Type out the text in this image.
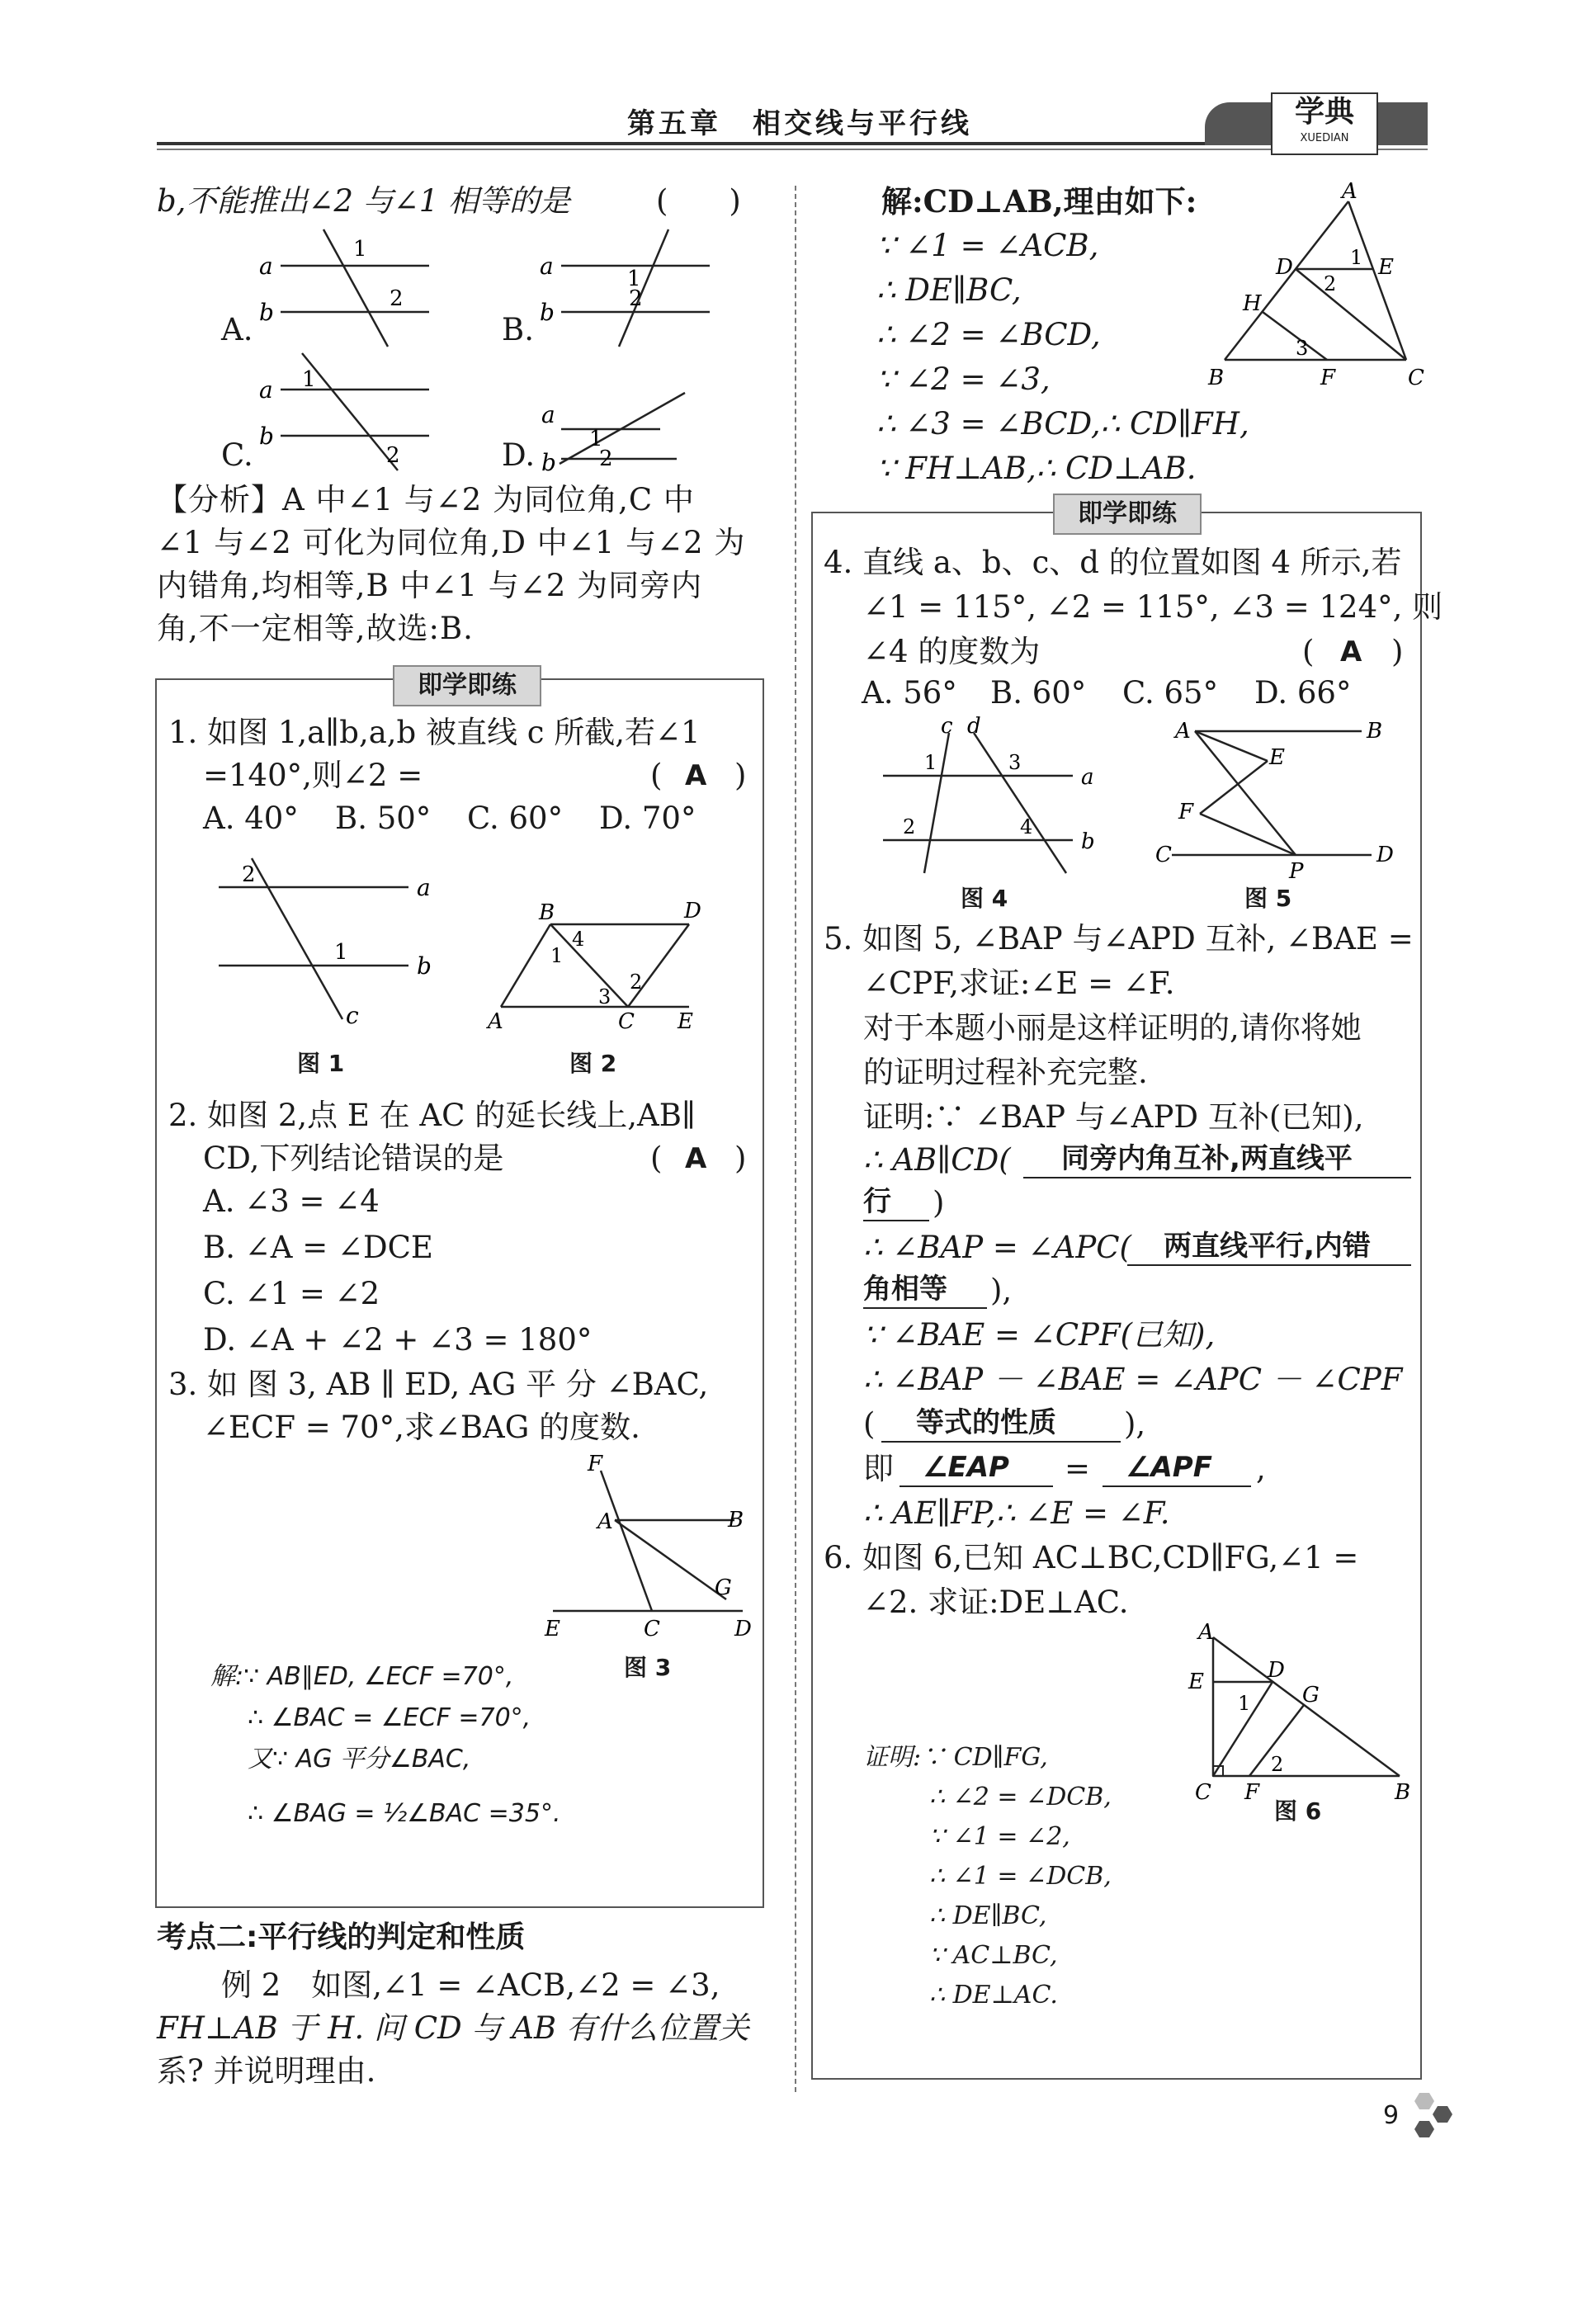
第五章　相交线与平行线	学典
XUEDIAN
b,不能推出∠2 与∠1 相等的是	(　　)
A.
a
b
1
2
B.
a
b	2
1
C.
a
b
1
2	D.
a
b
1
2
【分析】A 中∠1 与∠2 为同位角,C 中
∠1 与∠2 可化为同位角,D 中∠1 与∠2 为
内错角,均相等,B 中∠1 与∠2 为同旁内
角,不一定相等,故选:B.
即学即练
1. 如图 1,a∥b,a,b 被直线 c 所截,若∠1
=140°,则∠2 =	( A )
A. 40° B. 50° C. 60° D. 70°
a
b
c
2
1
图 1
B	D
A	C E
4
1
3
2
图 2
2. 如图 2,点 E 在 AC 的延长线上,AB∥
CD,下列结论错误的是	( A )
A. ∠3 = ∠4
B. ∠A = ∠DCE
C. ∠1 = ∠2
D. ∠A + ∠2 + ∠3 = 180°
3. 如 图 3, AB ∥ ED, AG 平 分 ∠BAC,
∠ECF = 70°,求∠BAG 的度数.
F
A	B
G
E	C	D
图 3
解:∵ AB∥ED, ∠ECF =70°,
∴ ∠BAC = ∠ECF =70°,
又∵ AG 平分∠BAC,
∴ ∠BAG = ½∠BAC =35°.
考点二:平行线的判定和性质
例 2　如图,∠1 = ∠ACB,∠2 = ∠3,
FH⊥AB 于 H. 问 CD 与 AB 有什么位置关
系? 并说明理由.
解:CD⊥AB,理由如下:
∵ ∠1 = ∠ACB,
∴ DE∥BC,
∴ ∠2 = ∠BCD,
∵ ∠2 = ∠3,
∴ ∠3 = ∠BCD,∴ CD∥FH,
∵ FH⊥AB,∴ CD⊥AB.
A
D	E
H
B	F	C
1
2
3
即学即练
4. 直线 a、b、c、d 的位置如图 4 所示,若
∠1 = 115°, ∠2 = 115°, ∠3 = 124°, 则
∠4 的度数为	( A )
A. 56° B. 60° C. 65° D. 66°
c d
a
b
1	3
2	4
图 4
A	B
E
F
C
P
D
图 5
5. 如图 5, ∠BAP 与∠APD 互补, ∠BAE =
∠CPF,求证:∠E = ∠F.
对于本题小丽是这样证明的,请你将她
的证明过程补充完整.
证明:∵ ∠BAP 与∠APD 互补(已知),
∴ AB∥CD( 同旁内角互补,两直线平
行 )
∴ ∠BAP = ∠APC( 两直线平行,内错
角相等 ),
∵ ∠BAE = ∠CPF(已知),
∴ ∠BAP － ∠BAE = ∠APC － ∠CPF
( 等式的性质 ),
即 ∠EAP = ∠APF ,
∴ AE∥FP,∴ ∠E = ∠F.
6. 如图 6,已知 AC⊥BC,CD∥FG,∠1 =
∠2. 求证:DE⊥AC.
A
E	D
G
C F	B
1
2
图 6
证明:∵ CD∥FG,
∴ ∠2 = ∠DCB,
∵ ∠1 = ∠2,
∴ ∠1 = ∠DCB,
∴ DE∥BC,
∵ AC⊥BC,
∴ DE⊥AC.
9
